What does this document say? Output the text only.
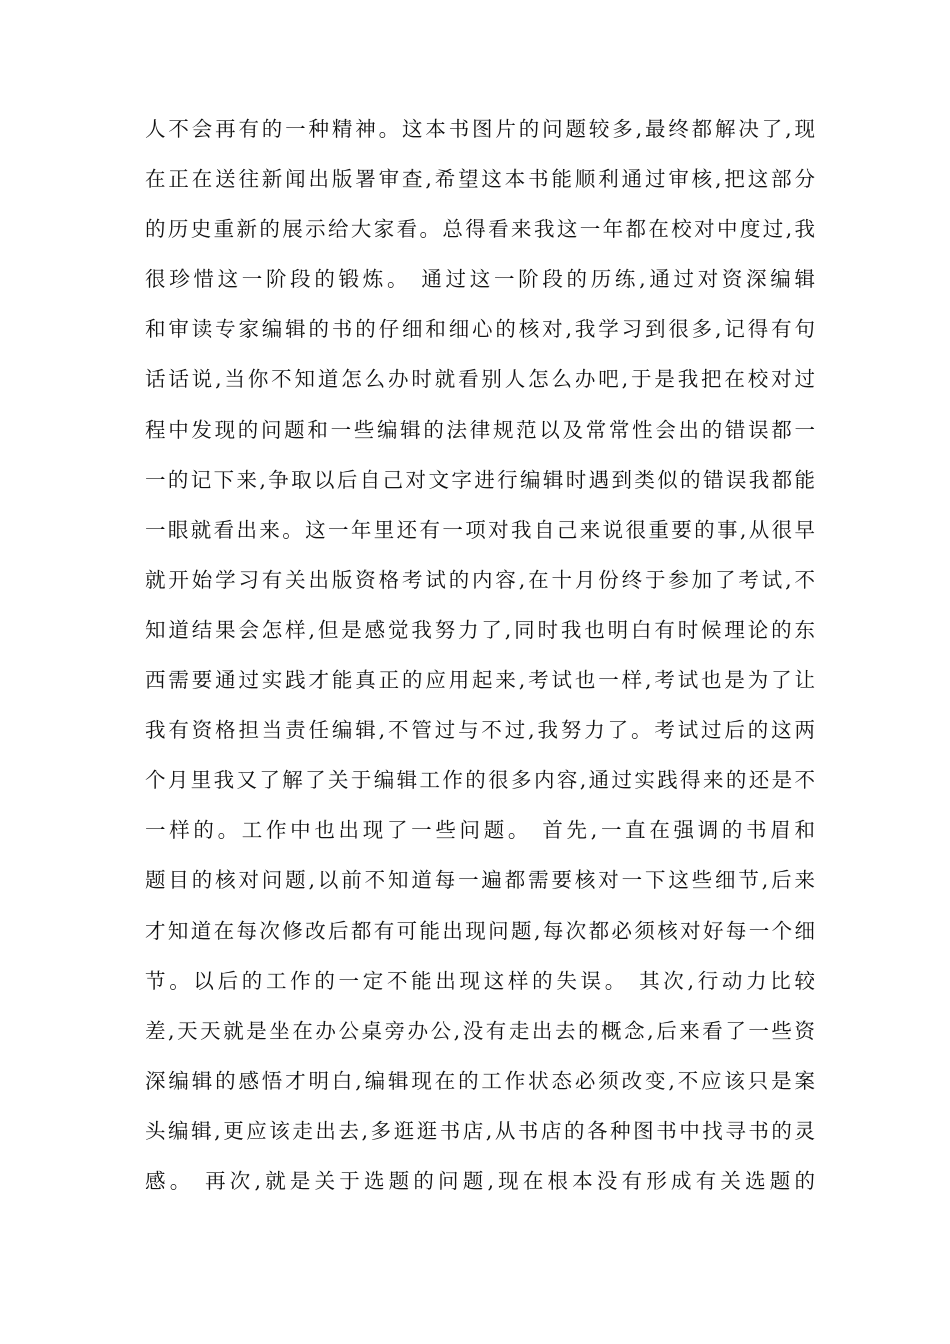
人不会再有的一种精神。这本书图片的问题较多,最终都解决了,现
在正在送往新闻出版署审查,希望这本书能顺利通过审核,把这部分
的历史重新的展示给大家看。总得看来我这一年都在校对中度过,我
很珍惜这一阶段的锻炼。 通过这一阶段的历练,通过对资深编辑
和审读专家编辑的书的仔细和细心的核对,我学习到很多,记得有句
话话说,当你不知道怎么办时就看别人怎么办吧,于是我把在校对过
程中发现的问题和一些编辑的法律规范以及常常性会出的错误都一
一的记下来,争取以后自己对文字进行编辑时遇到类似的错误我都能
一眼就看出来。这一年里还有一项对我自己来说很重要的事,从很早
就开始学习有关出版资格考试的内容,在十月份终于参加了考试,不
知道结果会怎样,但是感觉我努力了,同时我也明白有时候理论的东
西需要通过实践才能真正的应用起来,考试也一样,考试也是为了让
我有资格担当责任编辑,不管过与不过,我努力了。考试过后的这两
个月里我又了解了关于编辑工作的很多内容,通过实践得来的还是不
一样的。工作中也出现了一些问题。 首先,一直在强调的书眉和
题目的核对问题,以前不知道每一遍都需要核对一下这些细节,后来
才知道在每次修改后都有可能出现问题,每次都必须核对好每一个细
节。以后的工作的一定不能出现这样的失误。 其次,行动力比较
差,天天就是坐在办公桌旁办公,没有走出去的概念,后来看了一些资
深编辑的感悟才明白,编辑现在的工作状态必须改变,不应该只是案
头编辑,更应该走出去,多逛逛书店,从书店的各种图书中找寻书的灵
感。 再次,就是关于选题的问题,现在根本没有形成有关选题的
